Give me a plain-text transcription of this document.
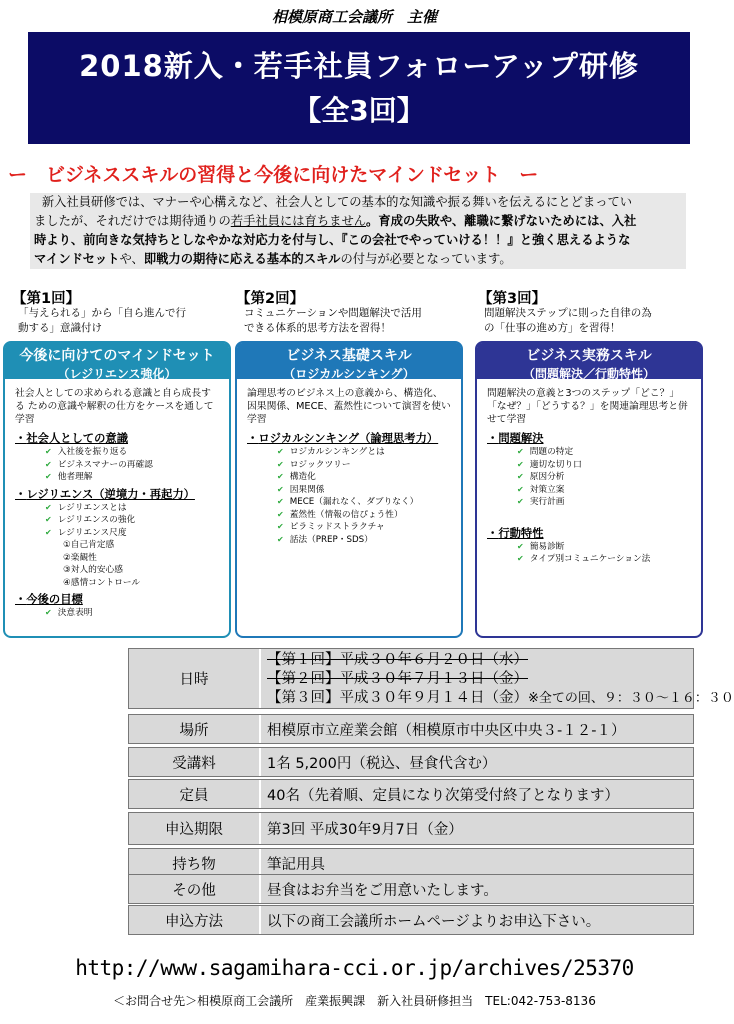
相模原商工会議所　主催
2018新入・若手社員フォローアップ研修
【全3回】
ー　ビジネススキルの習得と今後に向けたマインドセット　ー

新入社員研修では、マナーや心構えなど、社会人としての基本的な知識や振る舞いを伝えるにとどまってい

ましたが、それだけでは期待通りの若手社員には育ちません。育成の失敗や、離職に繋げないためには、入社

時より、前向きな気持ちとしなやかな対応力を付与し、『この会社でやっていける！！』と強く思えるような

マインドセットや、即戦力の期待に応える基本的スキルの付与が必要となっています。

【第1回】
「与えられる」から「自ら進んで行
動する」意識付け
【第2回】
コミュニケーションや問題解決で活用
できる体系的思考方法を習得！
【第3回】
問題解決ステップに則った自律の為
の「仕事の進め方」を習得！
今後に向けてのマインドセット
（レジリエンス強化）
社会人としての求められる意識と自ら成長する ための意識や解釈の仕方をケースを通して学習
・ 社会人としての意識
✔ 入社後を振り返る
✔ ビジネスマナーの再確認
✔ 他者理解
・ レジリエンス（逆境力・再起力）
✔ レジリエンスとは
✔ レジリエンスの強化
✔ レジリエンス尺度
①自己肯定感
②楽観性
③対人的安心感
④感情コントロール
・ 今後の目標
✔ 決意表明
ビジネス基礎スキル
（ロジカルシンキング）
論理思考のビジネス上の意義から、構造化、因果関係、MECE、蓋然性について演習を使い学習
・ ロジカルシンキング（論理思考力）
✔ ロジカルシンキングとは
✔ ロジックツリー
✔ 構造化
✔ 因果関係
✔ MECE（漏れなく、ダブりなく）
✔ 蓋然性（情報の信ぴょう性）
✔ ピラミッドストラクチャ
✔ 話法（PREP・SDS）
ビジネス実務スキル
（問題解決／行動特性）
問題解決の意義と3つのステップ「どこ？」「なぜ？」「どうする？」を関連論理思考と併せて学習
・ 問題解決
✔ 問題の特定
✔ 適切な切り口
✔ 原因分析
✔ 対策立案
✔ 実行計画
・ 行動特性
✔ 簡易診断
✔ タイプ別コミュニケーション法
日時
【第１回】平成３０年６月２０日（水）
【第２回】平成３０年７月１３日（金）
【第３回】平成３０年９月１４日（金）※全ての回、９：３０～１６：３０
場所	相模原市立産業会館（相模原市中央区中央３-１２-１）
受講料	1名 5,200円（税込、昼食代含む）
定員	40名（先着順、定員になり次第受付終了となります）
申込期限	第3回 平成30年9月7日（金）
持ち物	筆記用具
その他	昼食はお弁当をご用意いたします。
申込方法	以下の商工会議所ホームページよりお申込下さい。
http://www.sagamihara-cci.or.jp/archives/25370
＜お問合せ先＞相模原商工会議所　産業振興課　新入社員研修担当　TEL:042-753-8136
